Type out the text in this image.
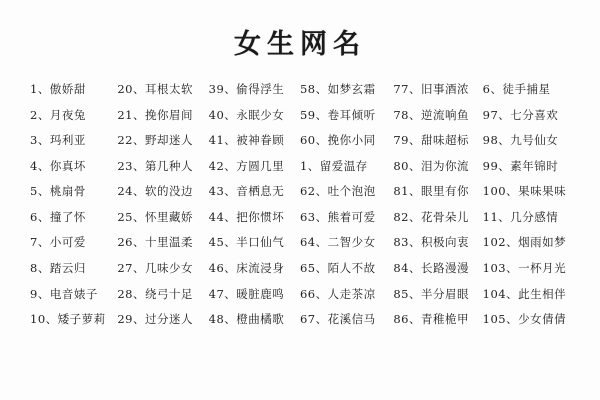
女生网名
1、傲娇甜
2、月夜兔
3、玛利亚
4、你真坏
5、桃扇骨
6、撞了怀
7、小可爱
8、踏云归
9、电音婊子
10、矮子萝莉
20、耳根太软
21、挽你眉间
22、野却迷人
23、第几种人
24、软的没边
25、怀里藏娇
26、十里温柔
27、几味少女
28、绕弓十足
29、过分迷人
39、偷得浮生
40、永眠少女
41、被神眷顾
42、方圆几里
43、音栖息无
44、把你惯坏
45、半口仙气
46、床流浸身
47、暖脏鹿鸣
48、橙曲橘歌
58、如梦玄霜
59、卷耳倾听
60、挽你小同
1、留爱温存
62、吐个泡泡
63、熊着可爱
64、二智少女
65、陌人不故
66、人走茶凉
67、花溪信马
77、旧事酒浓
78、逆流响鱼
79、甜味超标
80、泪为你流
81、眼里有你
82、花骨朵儿
83、积极向衷
84、长路漫漫
85、半分眉眼
86、青稚桅甲
6、徒手捕星
97、七分喜欢
98、九号仙女
99、素年锦时
100、果味果味
11、几分感情
102、烟雨如梦
103、一杯月光
104、此生相伴
105、少女倩倩
